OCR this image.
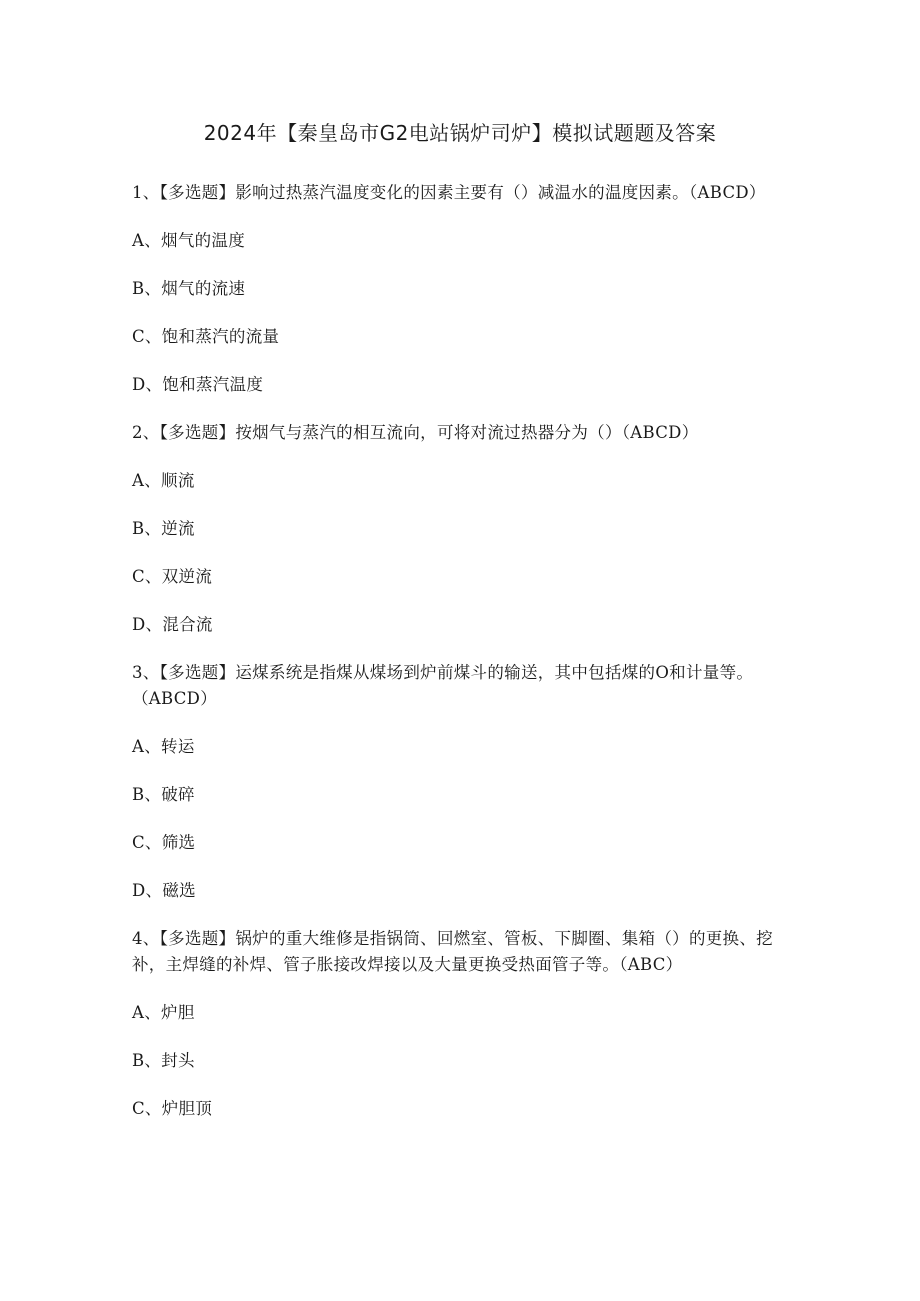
2024年【秦皇岛市G2电站锅炉司炉】模拟试题题及答案

1、【多选题】影响过热蒸汽温度变化的因素主要有（）减温水的温度因素。（ABCD）

A、烟气的温度

B、烟气的流速

C、饱和蒸汽的流量

D、饱和蒸汽温度

2、【多选题】按烟气与蒸汽的相互流向，可将对流过热器分为（）（ABCD）

A、顺流

B、逆流

C、双逆流

D、混合流

3、【多选题】运煤系统是指煤从煤场到炉前煤斗的输送，其中包括煤的O和计量等。（ABCD）

A、转运

B、破碎

C、筛选

D、磁选

4、【多选题】锅炉的重大维修是指锅筒、回燃室、管板、下脚圈、集箱（）的更换、挖补，主焊缝的补焊、管子胀接改焊接以及大量更换受热面管子等。（ABC）

A、炉胆

B、封头

C、炉胆顶
